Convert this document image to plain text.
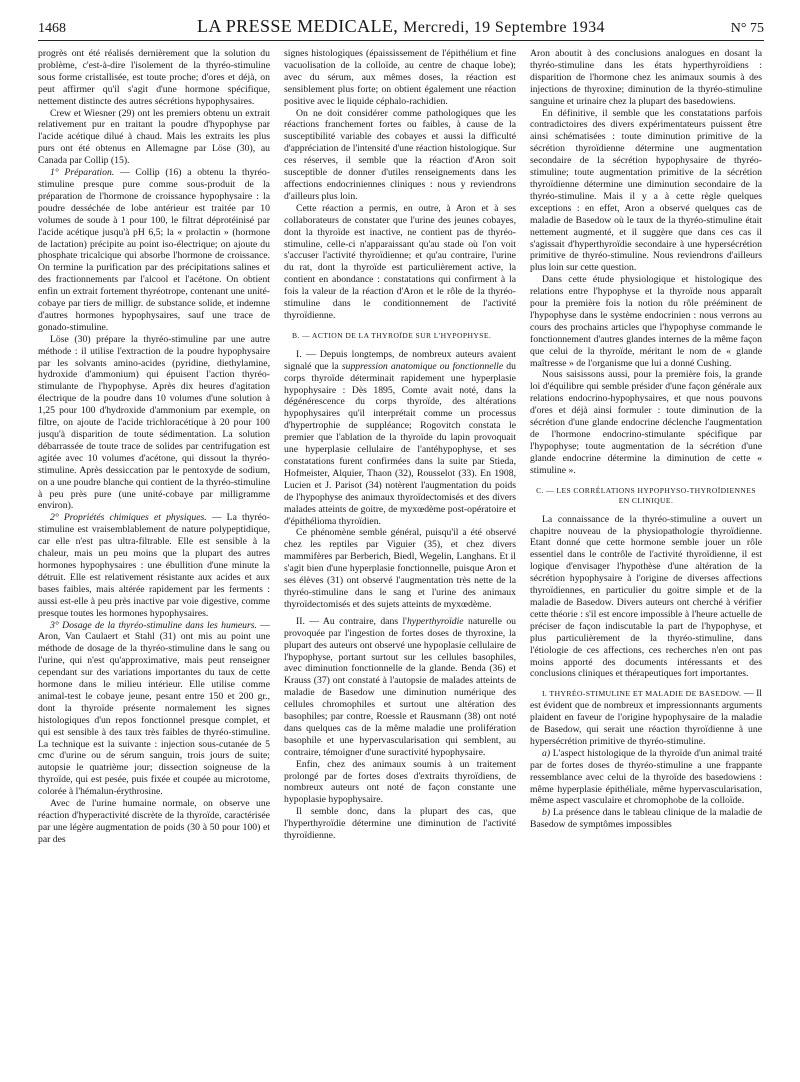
1468	LA PRESSE MEDICALE, Mercredi, 19 Septembre 1934	N° 75

progrès ont été réalisés dernièrement que la solution du problème, c'est-à-dire l'isolement de la thyréo-stimuline sous forme cristallisée, est toute proche; d'ores et déjà, on peut affirmer qu'il s'agit d'une hormone spécifique, nettement distincte des autres sécrétions hypophysaires.

Crew et Wiesner (29) ont les premiers obtenu un extrait relativement pur en traitant la poudre d'hypophyse par l'acide acétique dilué à chaud. Mais les extraits les plus purs ont été obtenus en Allemagne par Löse (30), au Canada par Collip (15).

1° Préparation. — Collip (16) a obtenu la thyréo-stimuline presque pure comme sous-produit de la préparation de l'hormone de croissance hypophysaire : la poudre desséchée de lobe antérieur est traitée par 10 volumes de soude à 1 pour 100, le filtrat déprotéinisé par l'acide acétique jusqu'à pH 6,5; la « prolactin » (hormone de lactation) précipite au point iso-électrique; on ajoute du phosphate tricalcique qui absorbe l'hormone de croissance. On termine la purification par des précipitations salines et des fractionnements par l'alcool et l'acétone. On obtient enfin un extrait fortement thyréotrope, contenant une unité-cobaye par tiers de milligr. de substance solide, et indemne d'autres hormones hypophysaires, sauf une trace de gonado-stimuline.

Löse (30) prépare la thyréo-stimuline par une autre méthode : il utilise l'extraction de la poudre hypophysaire par les solvants amino-acides (pyridine, diethylamine, hydroxide d'ammonium) qui épuisent l'action thyréo-stimulante de l'hypophyse. Après dix heures d'agitation électrique de la poudre dans 10 volumes d'une solution à 1,25 pour 100 d'hydroxide d'ammonium par exemple, on filtre, on ajoute de l'acide trichloracétique à 20 pour 100 jusqu'à disparition de toute sédimentation. La solution débarrassée de toute trace de solides par centrifugation est agitée avec 10 volumes d'acétone, qui dissout la thyréo-stimuline. Après dessiccation par le pentoxyde de sodium, on a une poudre blanche qui contient de la thyréo-stimuline à peu près pure (une unité-cobaye par milligramme environ).

2° Propriétés chimiques et physiques. — La thyréo-stimuline est vraisemblablement de nature polypeptidique, car elle n'est pas ultra-filtrable. Elle est sensible à la chaleur, mais un peu moins que la plupart des autres hormones hypophysaires : une ébullition d'une minute la détruit. Elle est relativement résistante aux acides et aux bases faibles, mais altérée rapidement par les ferments : aussi est-elle à peu près inactive par voie digestive, comme presque toutes les hormones hypophysaires.

3° Dosage de la thyréo-stimuline dans les humeurs. — Aron, Van Caulaert et Stahl (31) ont mis au point une méthode de dosage de la thyréo-stimuline dans le sang ou l'urine, qui n'est qu'approximative, mais peut renseigner cependant sur des variations importantes du taux de cette hormone dans le milieu intérieur. Elle utilise comme animal-test le cobaye jeune, pesant entre 150 et 200 gr., dont la thyroïde présente normalement les signes histologiques d'un repos fonctionnel presque complet, et qui est sensible à des taux très faibles de thyréo-stimuline. La technique est la suivante : injection sous-cutanée de 5 cmc d'urine ou de sérum sanguin, trois jours de suite; autopsie le quatrième jour; dissection soigneuse de la thyroïde, qui est pesée, puis fixée et coupée au microtome, colorée à l'hémalun-érythrosine.

Avec de l'urine humaine normale, on observe une réaction d'hyperactivité discrète de la thyroïde, caractérisée par une légère augmentation de poids (30 à 50 pour 100) et par des

signes histologiques (épaississement de l'épithélium et fine vacuolisation de la colloïde, au centre de chaque lobe); avec du sérum, aux mêmes doses, la réaction est sensiblement plus forte; on obtient également une réaction positive avec le liquide céphalo-rachidien.

On ne doit considérer comme pathologiques que les réactions franchement fortes ou faibles, à cause de la susceptibilité variable des cobayes et aussi la difficulté d'appréciation de l'intensité d'une réaction histologique. Sur ces réserves, il semble que la réaction d'Aron soit susceptible de donner d'utiles renseignements dans les affections endocriniennes cliniques : nous y reviendrons d'ailleurs plus loin.

Cette réaction a permis, en outre, à Aron et à ses collaborateurs de constater que l'urine des jeunes cobayes, dont la thyroïde est inactive, ne contient pas de thyréo-stimuline, celle-ci n'apparaissant qu'au stade où l'on voit s'accuser l'activité thyroïdienne; et qu'au contraire, l'urine du rat, dont la thyroïde est particulièrement active, la contient en abondance : constatations qui confirment à la fois la valeur de la réaction d'Aron et le rôle de la thyréo-stimuline dans le conditionnement de l'activité thyroïdienne.

B. — ACTION DE LA THYROÏDE SUR L'HYPOPHYSE.

I. — Depuis longtemps, de nombreux auteurs avaient signalé que la suppression anatomique ou fonctionnelle du corps thyroïde déterminait rapidement une hyperplasie hypophysaire : Dès 1895, Comte avait noté, dans la dégénérescence du corps thyroïde, des altérations hypophysaires qu'il interprétait comme un processus d'hypertrophie de suppléance; Rogovitch constata le premier que l'ablation de la thyroïde du lapin provoquait une hyperplasie cellulaire de l'antéhypophyse, et ses constatations furent confirmées dans la suite par Stieda, Hofmeister, Alquier, Thaon (32), Rousselot (33). En 1908, Lucien et J. Parisot (34) notèrent l'augmentation du poids de l'hypophyse des animaux thyroïdectomisés et des divers malades atteints de goitre, de myxœdème post-opératoire et d'épithélioma thyroïdien.

Ce phénomène semble général, puisqu'il a été observé chez les reptiles par Viguier (35), et chez divers mammifères par Berberich, Biedl, Wegelin, Langhans. Et il s'agit bien d'une hyperplasie fonctionnelle, puisque Aron et ses élèves (31) ont observé l'augmentation très nette de la thyréo-stimuline dans le sang et l'urine des animaux thyroïdectomisés et des sujets atteints de myxœdème.

II. — Au contraire, dans l'hyperthyroïdie naturelle ou provoquée par l'ingestion de fortes doses de thyroxine, la plupart des auteurs ont observé une hypoplasie cellulaire de l'hypophyse, portant surtout sur les cellules basophiles, avec diminution fonctionnelle de la glande. Benda (36) et Krauss (37) ont constaté à l'autopsie de malades atteints de maladie de Basedow une diminution numérique des cellules chromophiles et surtout une altération des basophiles; par contre, Roessle et Rausmann (38) ont noté dans quelques cas de la même maladie une prolifération basophile et une hypervascularisation qui semblent, au contraire, témoigner d'une suractivité hypophysaire.

Enfin, chez des animaux soumis à un traitement prolongé par de fortes doses d'extraits thyroïdiens, de nombreux auteurs ont noté de façon constante une hypoplasie hypophysaire.

Il semble donc, dans la plupart des cas, que l'hyperthyroïdie détermine une diminution de l'activité thyroïdienne.

Aron aboutit à des conclusions analogues en dosant la thyréo-stimuline dans les états hyperthyroïdiens : disparition de l'hormone chez les animaux soumis à des injections de thyroxine; diminution de la thyréo-stimuline sanguine et urinaire chez la plupart des basedowiens.

En définitive, il semble que les constatations parfois contradictoires des divers expérimentateurs puissent être ainsi schématisées : toute diminution primitive de la sécrétion thyroïdienne détermine une augmentation secondaire de la sécrétion hypophysaire de thyréo-stimuline; toute augmentation primitive de la sécrétion thyroïdienne détermine une diminution secondaire de la thyréo-stimuline. Mais il y a à cette règle quelques exceptions : en effet, Aron a observé quelques cas de maladie de Basedow où le taux de la thyréo-stimuline était nettement augmenté, et il suggère que dans ces cas il s'agissait d'hyperthyroïdie secondaire à une hypersécrétion primitive de thyréo-stimuline. Nous reviendrons d'ailleurs plus loin sur cette question.

Dans cette étude physiologique et histologique des relations entre l'hypophyse et la thyroïde nous apparaît pour la première fois la notion du rôle prééminent de l'hypophyse dans le système endocrinien : nous verrons au cours des prochains articles que l'hypophyse commande le fonctionnement d'autres glandes internes de la même façon que celui de la thyroïde, méritant le nom de « glande maîtresse » de l'organisme que lui a donné Cushing.

Nous saisissons aussi, pour la première fois, la grande loi d'équilibre qui semble présider d'une façon générale aux relations endocrino-hypophysaires, et que nous pouvons d'ores et déjà ainsi formuler : toute diminution de la sécrétion d'une glande endocrine déclenche l'augmentation de l'hormone endocrino-stimulante spécifique par l'hypophyse; toute augmentation de la sécrétion d'une glande endocrine détermine la diminution de cette « stimuline ».

C. — LES CORRÉLATIONS HYPOPHYSO-THYROÏDIENNES EN CLINIQUE.

La connaissance de la thyréo-stimuline a ouvert un chapitre nouveau de la physiopathologie thyroïdienne. Etant donné que cette hormone semble jouer un rôle essentiel dans le contrôle de l'activité thyroïdienne, il est logique d'envisager l'hypothèse d'une altération de la sécrétion hypophysaire à l'origine de diverses affections thyroïdiennes, en particulier du goitre simple et de la maladie de Basedow. Divers auteurs ont cherché à vérifier cette théorie : s'il est encore impossible à l'heure actuelle de préciser de façon indiscutable la part de l'hypophyse, et plus particulièrement de la thyréo-stimuline, dans l'étiologie de ces affections, ces recherches n'en ont pas moins apporté des documents intéressants et des conclusions cliniques et thérapeutiques fort importantes.

I. THYRÉO-STIMULINE ET MALADIE DE BASEDOW. — Il est évident que de nombreux et impressionnants arguments plaident en faveur de l'origine hypophysaire de la maladie de Basedow, qui serait une réaction thyroïdienne à une hypersécrétion primitive de thyréo-stimuline.

a) L'aspect histologique de la thyroïde d'un animal traité par de fortes doses de thyréo-stimuline a une frappante ressemblance avec celui de la thyroïde des basedowiens : même hyperplasie épithéliale, même hypervascularisation, même aspect vasculaire et chromophobe de la colloïde.

b) La présence dans le tableau clinique de la maladie de Basedow de symptômes impossibles
